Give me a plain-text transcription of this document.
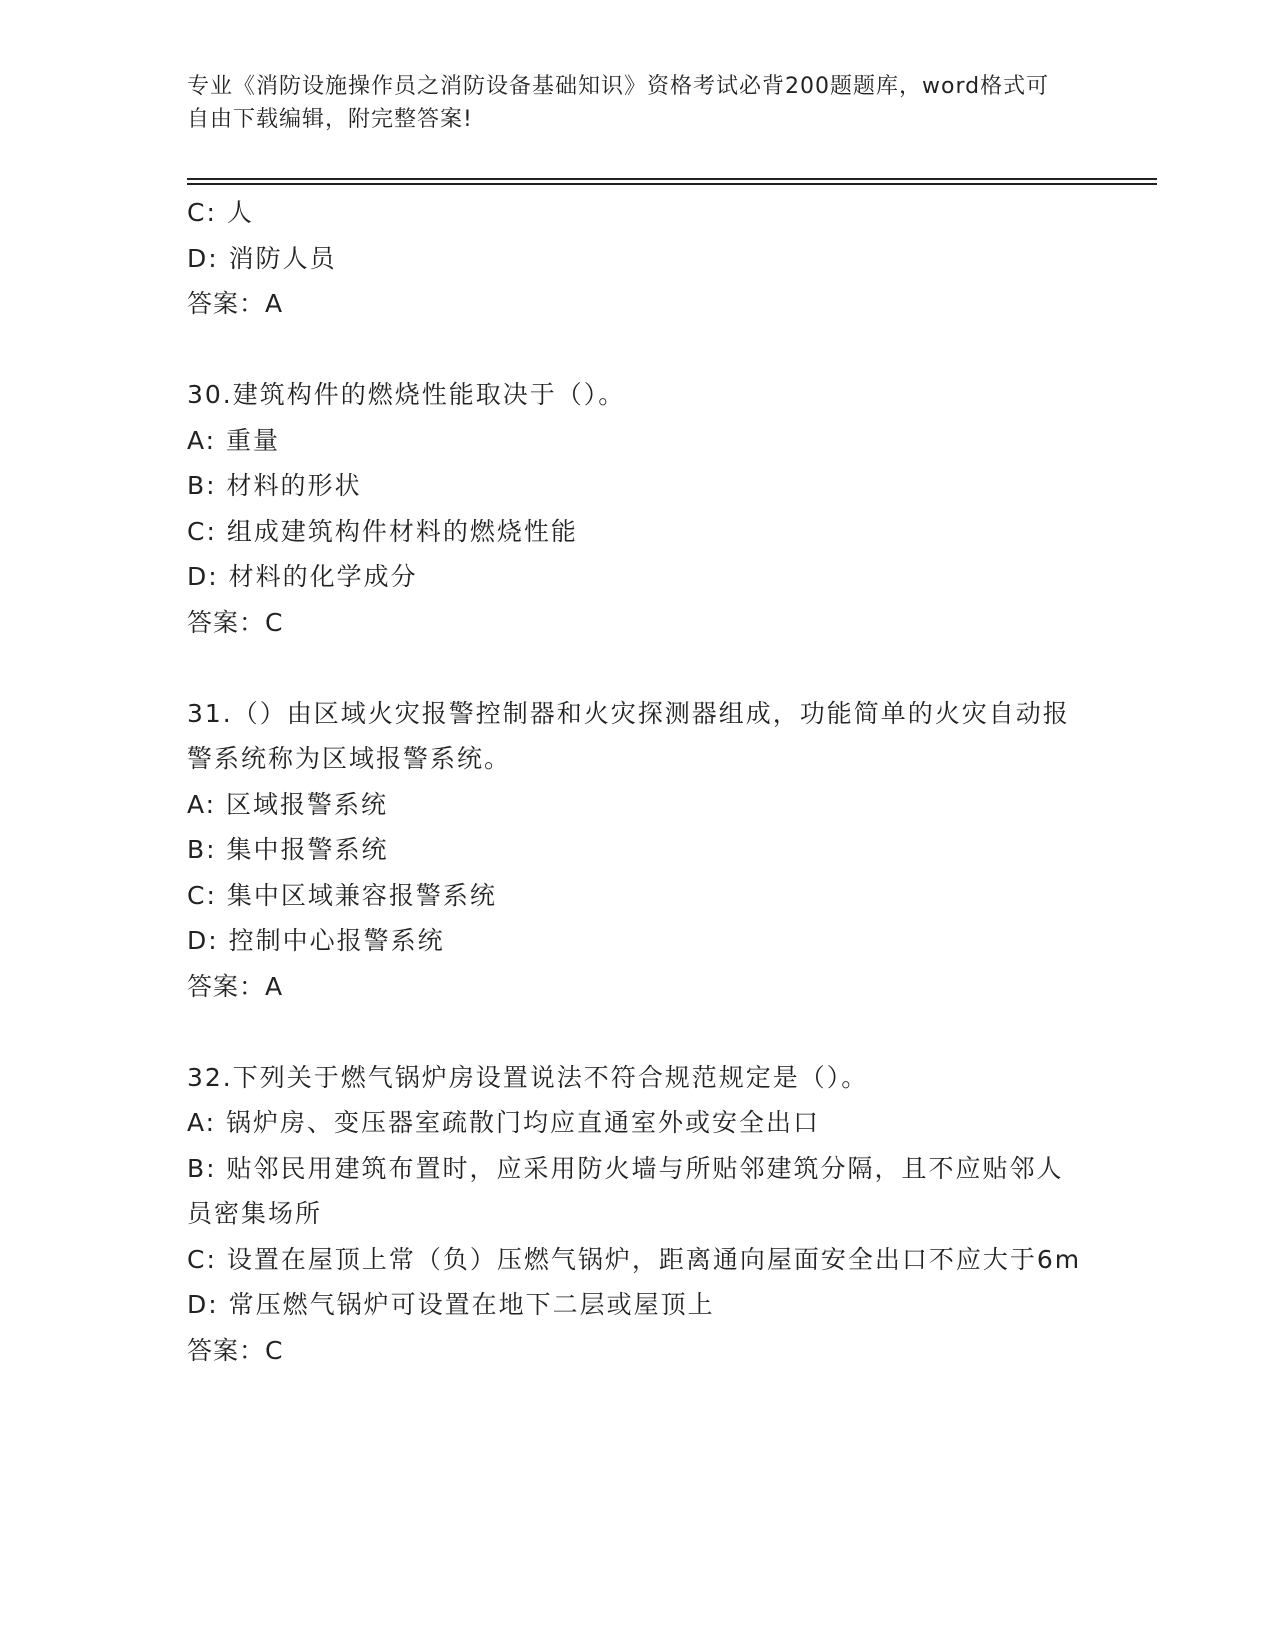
专业《消防设施操作员之消防设备基础知识》资格考试必背200题题库，word格式可自由下载编辑，附完整答案!

C: 人

D: 消防人员

答案：A

30.建筑构件的燃烧性能取决于（）。

A: 重量

B: 材料的形状

C: 组成建筑构件材料的燃烧性能

D: 材料的化学成分

答案：C

31.（）由区域火灾报警控制器和火灾探测器组成，功能简单的火灾自动报警系统称为区域报警系统。

A: 区域报警系统

B: 集中报警系统

C: 集中区域兼容报警系统

D: 控制中心报警系统

答案：A

32.下列关于燃气锅炉房设置说法不符合规范规定是（）。

A: 锅炉房、变压器室疏散门均应直通室外或安全出口

B: 贴邻民用建筑布置时，应采用防火墙与所贴邻建筑分隔，且不应贴邻人员密集场所

C: 设置在屋顶上常（负）压燃气锅炉，距离通向屋面安全出口不应大于6m

D: 常压燃气锅炉可设置在地下二层或屋顶上

答案：C
